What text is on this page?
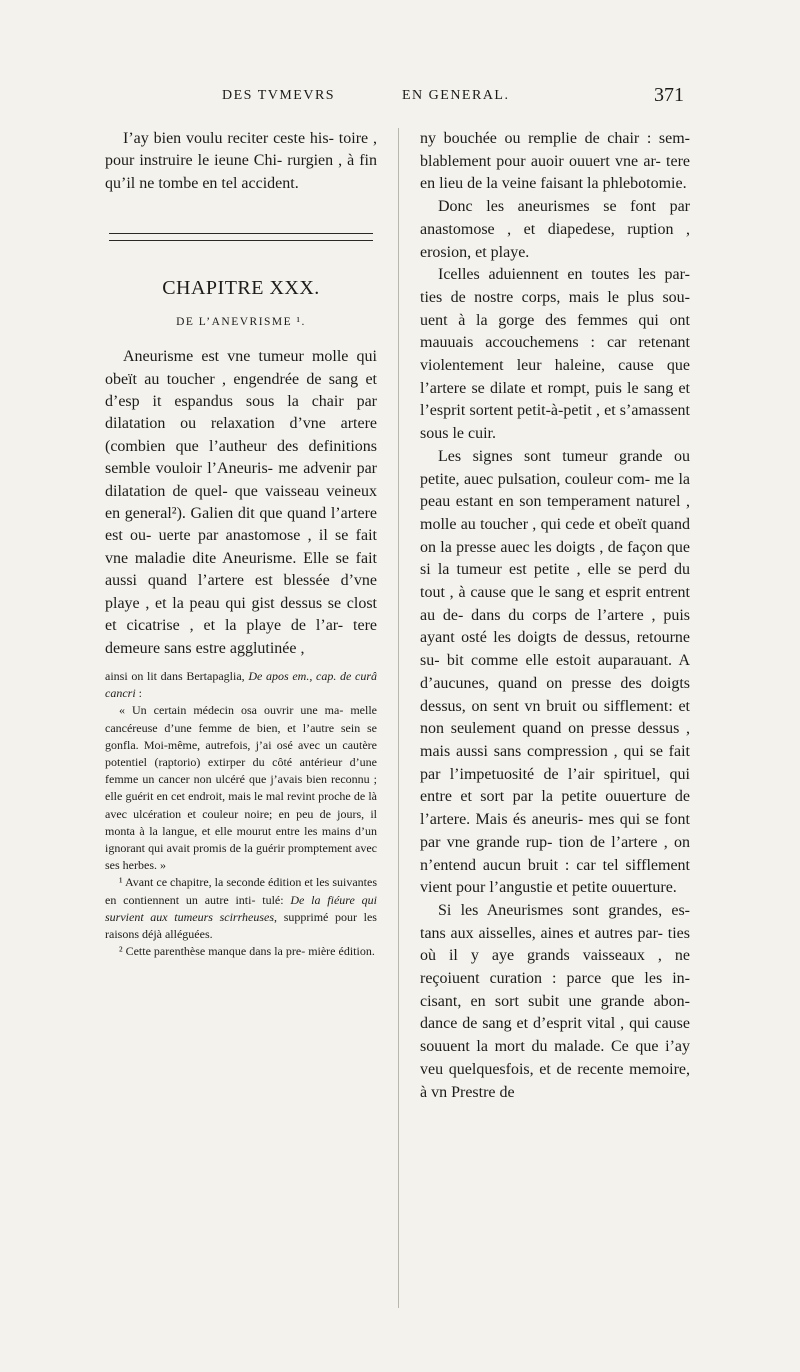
DES TVMEVRS	EN GENERAL.	371

I’ay bien voulu reciter ceste his- toire , pour instruire le ieune Chi- rurgien , à fin qu’il ne tombe en tel accident.

CHAPITRE XXX.
DE L’ANEVRISME ¹.

Aneurisme est vne tumeur molle qui obeït au toucher , engendrée de sang et d’esp it espandus sous la chair par dilatation ou relaxation d’vne artere (combien que l’autheur des definitions semble vouloir l’Aneuris- me advenir par dilatation de quel- que vaisseau veineux en general²). Galien dit que quand l’artere est ou- uerte par anastomose , il se fait vne maladie dite Aneurisme. Elle se fait aussi quand l’artere est blessée d’vne playe , et la peau qui gist dessus se clost et cicatrise , et la playe de l’ar- tere demeure sans estre agglutinée ,

ainsi on lit dans Bertapaglia, De apos em., cap. de curâ cancri :

« Un certain médecin osa ouvrir une ma- melle cancéreuse d’une femme de bien, et l’autre sein se gonfla. Moi-même, autrefois, j’ai osé avec un cautère potentiel (raptorio) extirper du côté antérieur d’une femme un cancer non ulcéré que j’avais bien reconnu ; elle guérit en cet endroit, mais le mal revint proche de là avec ulcération et couleur noire; en peu de jours, il monta à la langue, et elle mourut entre les mains d’un ignorant qui avait promis de la guérir promptement avec ses herbes. »

¹ Avant ce chapitre, la seconde édition et les suivantes en contiennent un autre inti- tulé: De la fiéure qui survient aux tumeurs scirrheuses, supprimé pour les raisons déjà alléguées.

² Cette parenthèse manque dans la pre- mière édition.

ny bouchée ou remplie de chair : sem- blablement pour auoir ouuert vne ar- tere en lieu de la veine faisant la phlebotomie.

Donc les aneurismes se font par anastomose , et diapedese, ruption , erosion, et playe.

Icelles aduiennent en toutes les par- ties de nostre corps, mais le plus sou- uent à la gorge des femmes qui ont mauuais accouchemens : car retenant violentement leur haleine, cause que l’artere se dilate et rompt, puis le sang et l’esprit sortent petit-à-petit , et s’amassent sous le cuir.

Les signes sont tumeur grande ou petite, auec pulsation, couleur com- me la peau estant en son temperament naturel , molle au toucher , qui cede et obeït quand on la presse auec les doigts , de façon que si la tumeur est petite , elle se perd du tout , à cause que le sang et esprit entrent au de- dans du corps de l’artere , puis ayant osté les doigts de dessus, retourne su- bit comme elle estoit auparauant. A d’aucunes, quand on presse des doigts dessus, on sent vn bruit ou sifflement: et non seulement quand on presse dessus , mais aussi sans compression , qui se fait par l’impetuosité de l’air spirituel, qui entre et sort par la petite ouuerture de l’artere. Mais és aneuris- mes qui se font par vne grande rup- tion de l’artere , on n’entend aucun bruit : car tel sifflement vient pour l’angustie et petite ouuerture.

Si les Aneurismes sont grandes, es- tans aux aisselles, aines et autres par- ties où il y aye grands vaisseaux , ne reçoiuent curation : parce que les in- cisant, en sort subit une grande abon- dance de sang et d’esprit vital , qui cause souuent la mort du malade. Ce que i’ay veu quelquesfois, et de recente memoire, à vn Prestre de
